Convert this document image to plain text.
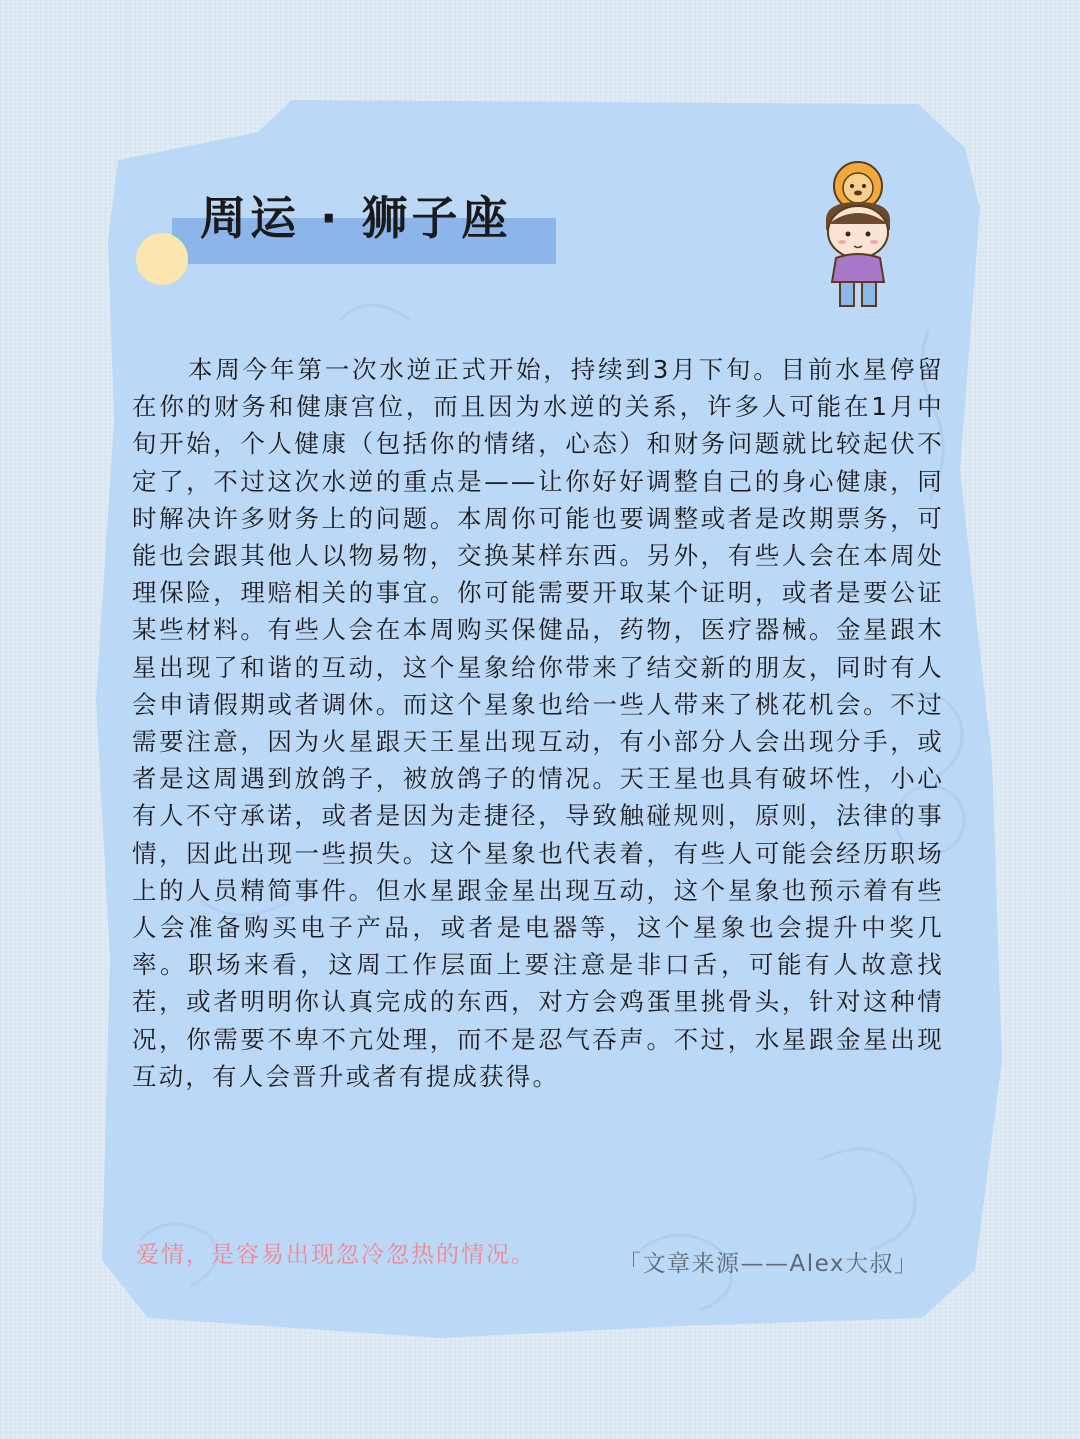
周运 · 狮子座

本周今年第一次水逆正式开始，持续到3月下旬。目前水星停留在你的财务和健康宫位，而且因为水逆的关系，许多人可能在1月中旬开始，个人健康（包括你的情绪，心态）和财务问题就比较起伏不定了，不过这次水逆的重点是——让你好好调整自己的身心健康，同时解决许多财务上的问题。本周你可能也要调整或者是改期票务，可能也会跟其他人以物易物，交换某样东西。另外，有些人会在本周处理保险，理赔相关的事宜。你可能需要开取某个证明，或者是要公证某些材料。有些人会在本周购买保健品，药物，医疗器械。金星跟木星出现了和谐的互动，这个星象给你带来了结交新的朋友，同时有人会申请假期或者调休。而这个星象也给一些人带来了桃花机会。不过需要注意，因为火星跟天王星出现互动，有小部分人会出现分手，或者是这周遇到放鸽子，被放鸽子的情况。天王星也具有破坏性，小心有人不守承诺，或者是因为走捷径，导致触碰规则，原则，法律的事情，因此出现一些损失。这个星象也代表着，有些人可能会经历职场上的人员精简事件。但水星跟金星出现互动，这个星象也预示着有些人会准备购买电子产品，或者是电器等，这个星象也会提升中奖几率。职场来看，这周工作层面上要注意是非口舌，可能有人故意找茬，或者明明你认真完成的东西，对方会鸡蛋里挑骨头，针对这种情况，你需要不卑不亢处理，而不是忍气吞声。不过，水星跟金星出现互动，有人会晋升或者有提成获得。

爱情，是容易出现忽冷忽热的情况。	「文章来源——Alex大叔」
